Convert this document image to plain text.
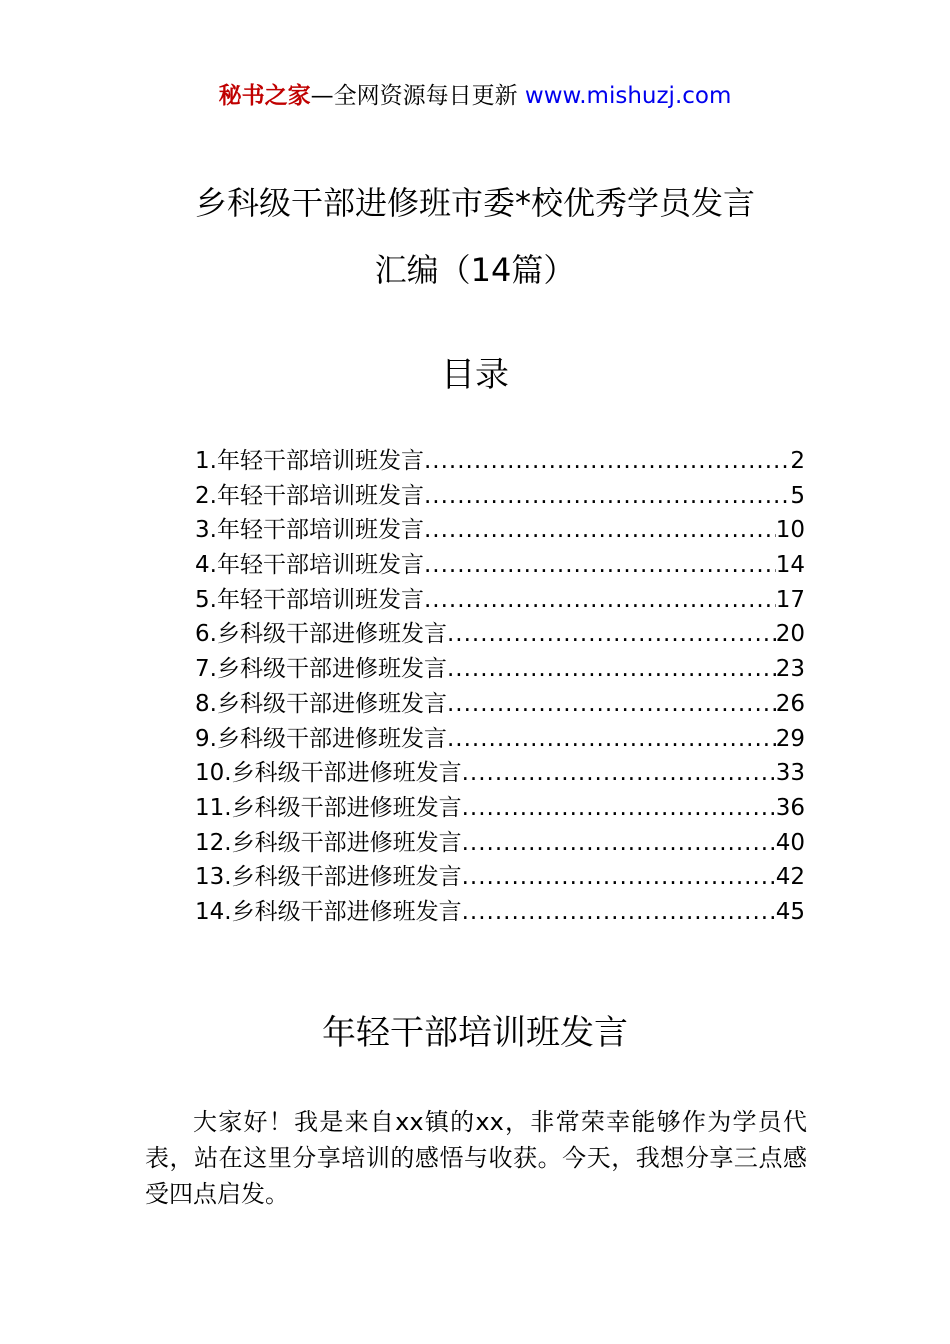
秘书之家—全网资源每日更新 www.mishuzj.com
乡科级干部进修班市委*校优秀学员发言
汇编（14篇）
目录
1.年轻干部培训班发言 .....	2
2.年轻干部培训班发言 .....	5
3.年轻干部培训班发言 .....	10
4.年轻干部培训班发言 .....	14
5.年轻干部培训班发言 .....	17
6.乡科级干部进修班发言 .....	20
7.乡科级干部进修班发言 .....	23
8.乡科级干部进修班发言 .....	26
9.乡科级干部进修班发言 .....	29
10.乡科级干部进修班发言 .....	33
11.乡科级干部进修班发言 .....	36
12.乡科级干部进修班发言 .....	40
13.乡科级干部进修班发言 .....	42
14.乡科级干部进修班发言 .....	45
年轻干部培训班发言

大家好！我是来自xx镇的xx，非常荣幸能够作为学员代表，站在这里分享培训的感悟与收获。今天，我想分享三点感受四点启发。
